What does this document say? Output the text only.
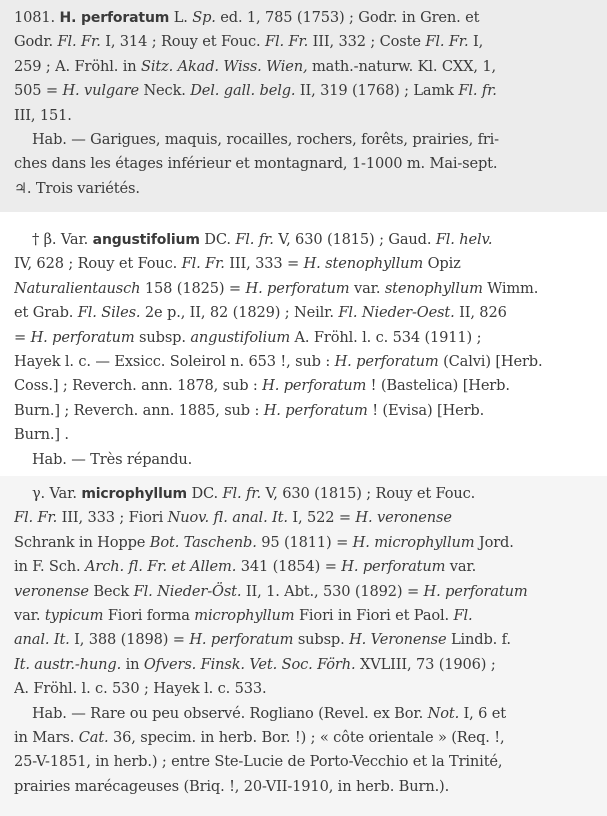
1081. H. perforatum L. Sp. ed. 1, 785 (1753) ; Godr. in Gren. et
Godr. Fl. Fr. I, 314 ; Rouy et Fouc. Fl. Fr. III, 332 ; Coste Fl. Fr. I,
259 ; A. Fröhl. in Sitz. Akad. Wiss. Wien, math.-naturw. Kl. CXX, 1,
505 = H. vulgare Neck. Del. gall. belg. II, 319 (1768) ; Lamk Fl. fr.
III, 151.
Hab. — Garigues, maquis, rocailles, rochers, forêts, prairies, fri-
ches dans les étages inférieur et montagnard, 1-1000 m. Mai-sept.
♃. Trois variétés.
† β. Var. angustifolium DC. Fl. fr. V, 630 (1815) ; Gaud. Fl. helv.
IV, 628 ; Rouy et Fouc. Fl. Fr. III, 333 = H. stenophyllum Opiz
Naturalientausch 158 (1825) = H. perforatum var. stenophyllum Wimm.
et Grab. Fl. Siles. 2e p., II, 82 (1829) ; Neilr. Fl. Nieder-Oest. II, 826
= H. perforatum subsp. angustifolium A. Fröhl. l. c. 534 (1911) ;
Hayek l. c. — Exsicc. Soleirol n. 653 !, sub : H. perforatum (Calvi) [Herb.
Coss.] ; Reverch. ann. 1878, sub : H. perforatum ! (Bastelica) [Herb.
Burn.] ; Reverch. ann. 1885, sub : H. perforatum ! (Evisa) [Herb.
Burn.] .
Hab. — Très répandu.
γ. Var. microphyllum DC. Fl. fr. V, 630 (1815) ; Rouy et Fouc.
Fl. Fr. III, 333 ; Fiori Nuov. fl. anal. It. I, 522 = H. veronense
Schrank in Hoppe Bot. Taschenb. 95 (1811) = H. microphyllum Jord.
in F. Sch. Arch. fl. Fr. et Allem. 341 (1854) = H. perforatum var.
veronense Beck Fl. Nieder-Öst. II, 1. Abt., 530 (1892) = H. perforatum
var. typicum Fiori forma microphyllum Fiori in Fiori et Paol. Fl.
anal. It. I, 388 (1898) = H. perforatum subsp. H. Veronense Lindb. f.
It. austr.-hung. in Ofvers. Finsk. Vet. Soc. Förh. XVLIII, 73 (1906) ;
A. Fröhl. l. c. 530 ; Hayek l. c. 533.
Hab. — Rare ou peu observé. Rogliano (Revel. ex Bor. Not. I, 6 et
in Mars. Cat. 36, specim. in herb. Bor. !) ; « côte orientale » (Req. !,
25-V-1851, in herb.) ; entre Ste-Lucie de Porto-Vecchio et la Trinité,
prairies marécageuses (Briq. !, 20-VII-1910, in herb. Burn.).
